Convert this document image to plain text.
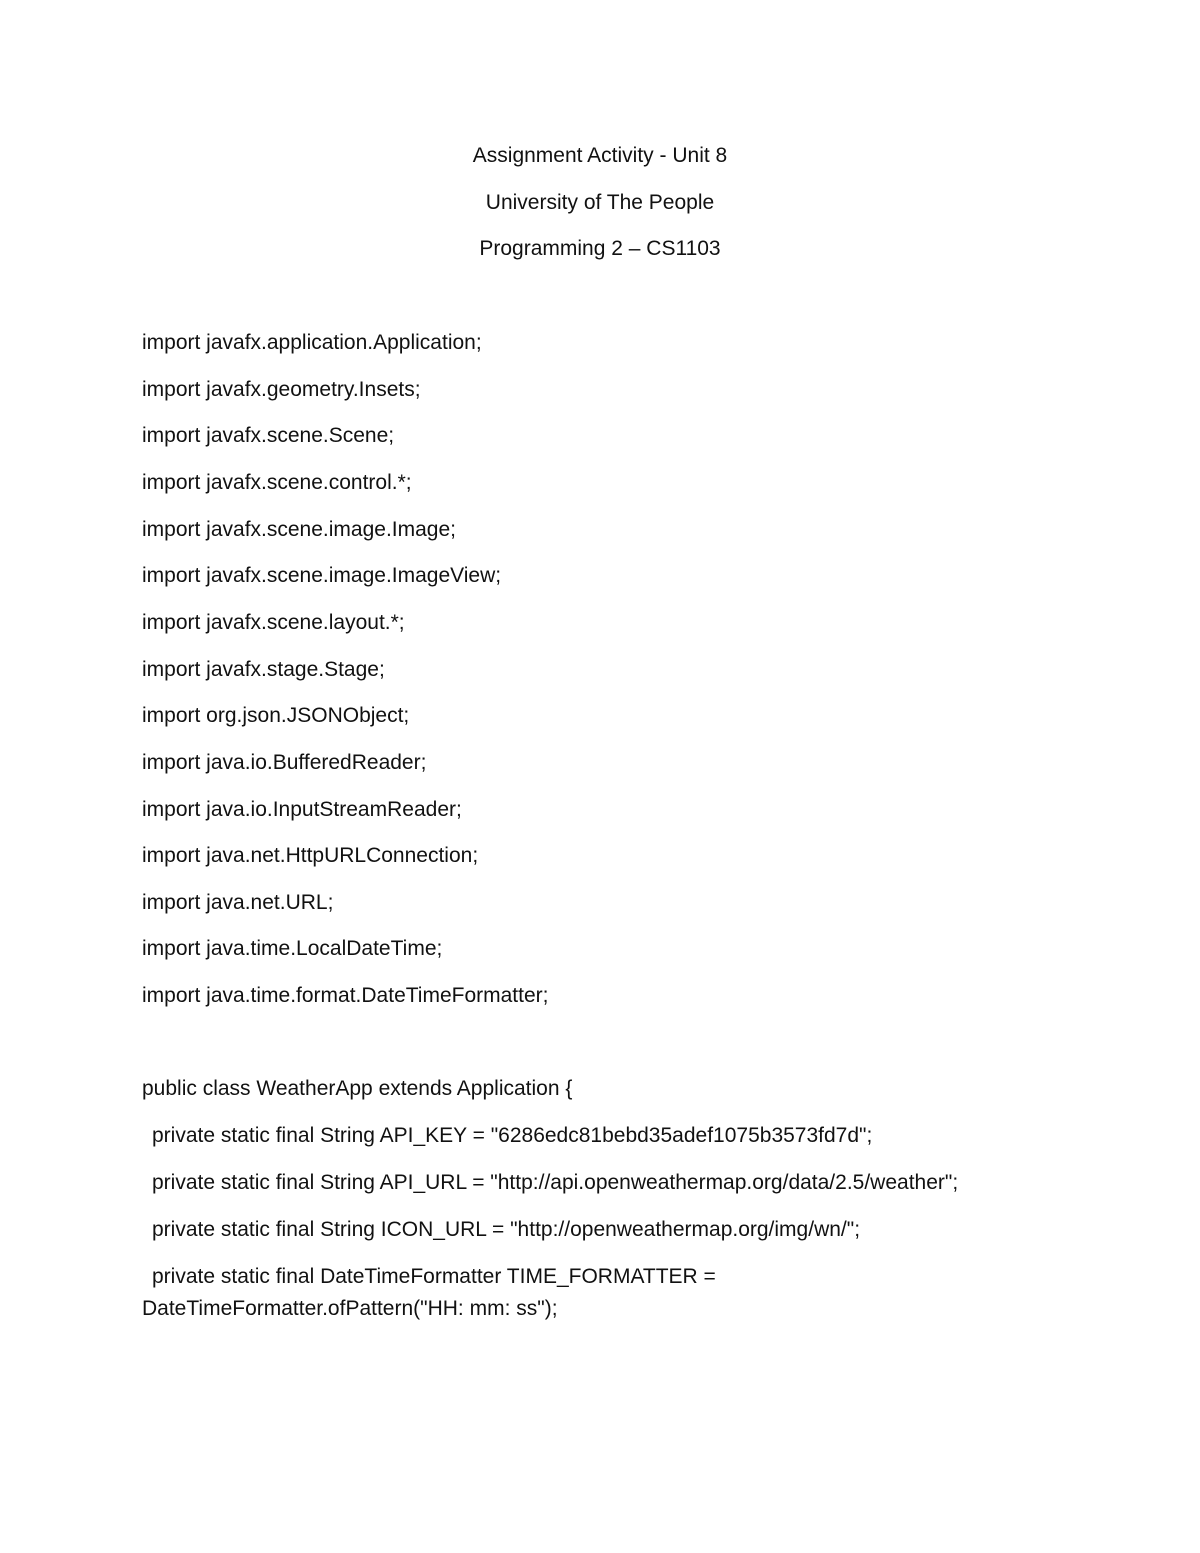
Assignment Activity - Unit 8
University of The People
Programming 2 – CS1103
import javafx.application.Application;
import javafx.geometry.Insets;
import javafx.scene.Scene;
import javafx.scene.control.*;
import javafx.scene.image.Image;
import javafx.scene.image.ImageView;
import javafx.scene.layout.*;
import javafx.stage.Stage;
import org.json.JSONObject;
import java.io.BufferedReader;
import java.io.InputStreamReader;
import java.net.HttpURLConnection;
import java.net.URL;
import java.time.LocalDateTime;
import java.time.format.DateTimeFormatter;
public class WeatherApp extends Application {
private static final String API_KEY = "6286edc81bebd35adef1075b3573fd7d";
private static final String API_URL = "http://api.openweathermap.org/data/2.5/weather";
private static final String ICON_URL = "http://openweathermap.org/img/wn/";
private static final DateTimeFormatter TIME_FORMATTER =
DateTimeFormatter.ofPattern("HH: mm: ss");
